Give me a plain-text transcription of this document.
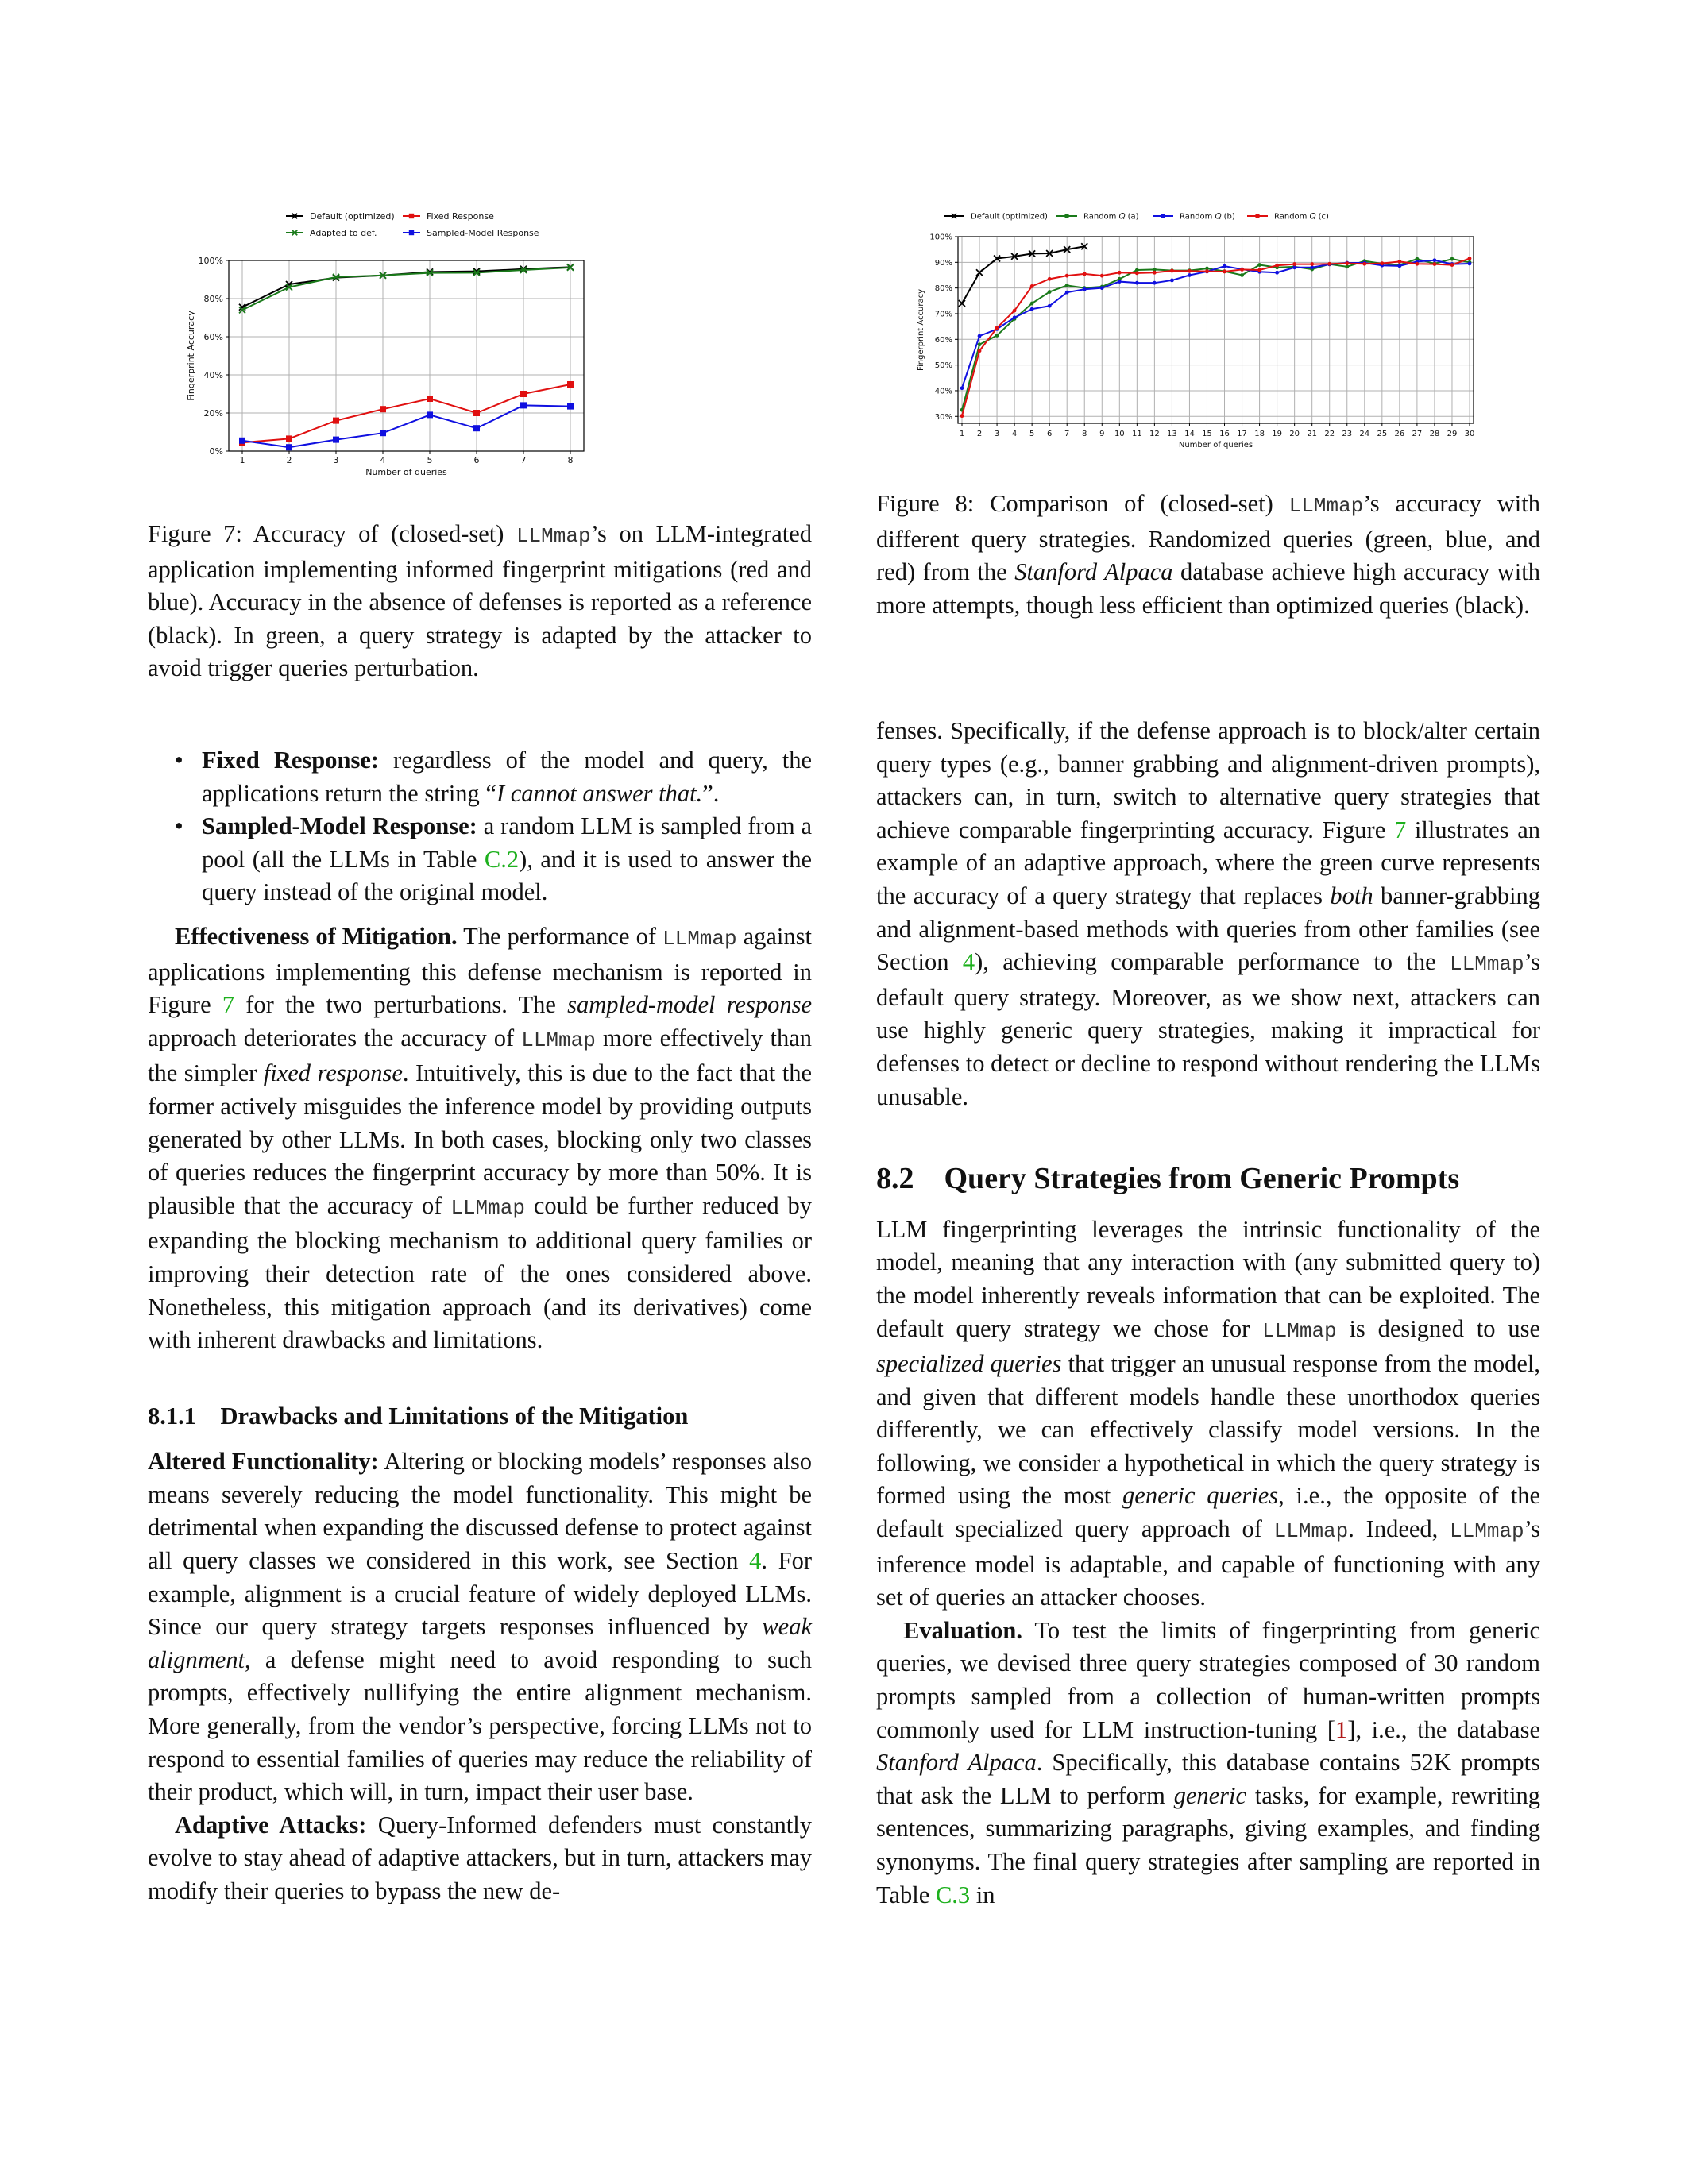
1	2	3	4	5	6	7	8
0%
20%
40%
60%
80%
100%
Number of queries
Fingerprint Accuracy
Default (optimized)
Adapted to def.
Fixed Response
Sampled-Model Response
1 2 3 4 5 6 7 8 9 10 11 12 13 14 15 16 17 18 19 20 21 22 23 24 25 26 27 28 29 30
30%
40%
50%
60%
70%
80%
90%
100%
Number of queries
Fingerprint Accuracy
Default (optimized)	Random 𝑄 (a)	Random 𝑄 (b)	Random 𝑄 (c)
Figure 7: Accuracy of (closed-set) LLMmap’s on LLM-integrated application implementing informed fingerprint mitigations (red and blue). Accuracy in the absence of defenses is reported as a reference (black). In green, a query strategy is adapted by the attacker to avoid trigger queries perturbation.
Figure 8: Comparison of (closed-set) LLMmap’s accuracy with different query strategies. Randomized queries (green, blue, and red) from the Stanford Alpaca database achieve high accuracy with more attempts, though less efficient than optimized queries (black).
• Fixed Response: regardless of the model and query, the applications return the string “I cannot answer that.”.
• Sampled-Model Response: a random LLM is sampled from a pool (all the LLMs in Table C.2), and it is used to answer the query instead of the original model.

Effectiveness of Mitigation. The performance of LLMmap against applications implementing this defense mechanism is reported in Figure 7 for the two perturbations. The sampled-model response approach deteriorates the accuracy of LLMmap more effectively than the simpler fixed response. Intuitively, this is due to the fact that the former actively misguides the inference model by providing outputs generated by other LLMs. In both cases, blocking only two classes of queries reduces the fingerprint accuracy by more than 50%. It is plausible that the accuracy of LLMmap could be further reduced by expanding the blocking mechanism to additional query families or improving their detection rate of the ones considered above. Nonetheless, this mitigation approach (and its derivatives) come with inherent drawbacks and limitations.

8.1.1    Drawbacks and Limitations of the Mitigation

Altered Functionality: Altering or blocking models’ responses also means severely reducing the model functionality. This might be detrimental when expanding the discussed defense to protect against all query classes we considered in this work, see Section 4. For example, alignment is a crucial feature of widely deployed LLMs. Since our query strategy targets responses influenced by weak alignment, a defense might need to avoid responding to such prompts, effectively nullifying the entire alignment mechanism. More generally, from the vendor’s perspective, forcing LLMs not to respond to essential families of queries may reduce the reliability of their product, which will, in turn, impact their user base.

Adaptive Attacks: Query-Informed defenders must constantly evolve to stay ahead of adaptive attackers, but in turn, attackers may modify their queries to bypass the new de-

fenses. Specifically, if the defense approach is to block/alter certain query types (e.g., banner grabbing and alignment-driven prompts), attackers can, in turn, switch to alternative query strategies that achieve comparable fingerprinting accuracy. Figure 7 illustrates an example of an adaptive approach, where the green curve represents the accuracy of a query strategy that replaces both banner-grabbing and alignment-based methods with queries from other families (see Section 4), achieving comparable performance to the LLMmap’s default query strategy. Moreover, as we show next, attackers can use highly generic query strategies, making it impractical for defenses to detect or decline to respond without rendering the LLMs unusable.

8.2    Query Strategies from Generic Prompts

LLM fingerprinting leverages the intrinsic functionality of the model, meaning that any interaction with (any submitted query to) the model inherently reveals information that can be exploited. The default query strategy we chose for LLMmap is designed to use specialized queries that trigger an unusual response from the model, and given that different models handle these unorthodox queries differently, we can effectively classify model versions. In the following, we consider a hypothetical in which the query strategy is formed using the most generic queries, i.e., the opposite of the default specialized query approach of LLMmap. Indeed, LLMmap’s inference model is adaptable, and capable of functioning with any set of queries an attacker chooses.

Evaluation. To test the limits of fingerprinting from generic queries, we devised three query strategies composed of 30 random prompts sampled from a collection of human-written prompts commonly used for LLM instruction-tuning [1], i.e., the database Stanford Alpaca. Specifically, this database contains 52K prompts that ask the LLM to perform generic tasks, for example, rewriting sentences, summarizing paragraphs, giving examples, and finding synonyms. The final query strategies after sampling are reported in Table C.3 in
